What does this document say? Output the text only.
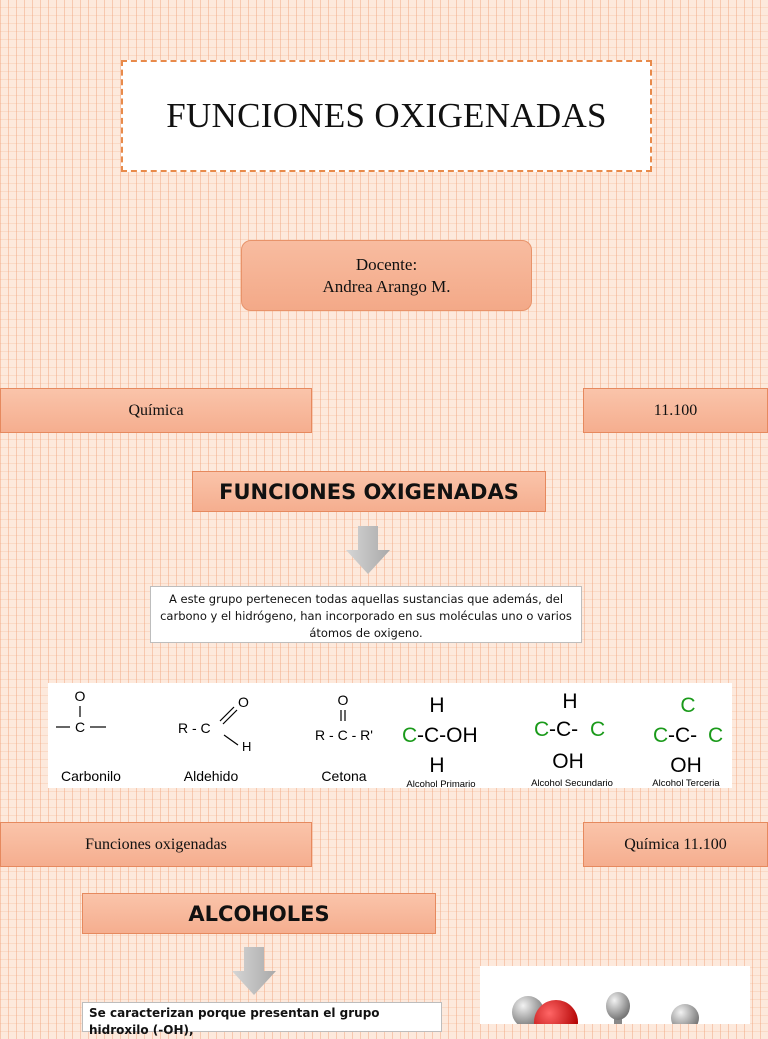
FUNCIONES OXIGENADAS
Docente:
Andrea Arango M.
Química	11.100
FUNCIONES OXIGENADAS
A este grupo pertenecen todas aquellas sustancias que además, del carbono y el hidrógeno, han incorporado en sus moléculas uno o varios átomos de oxigeno.
O
C
Carbonilo
R - C
O
H
Aldehido
O
R - C - R'
Cetona
H
C -C-OH
H
Alcohol Primario
H
C -C- C
OH
Alcohol Secundario
C
C -C- C
OH
Alcohol Terceria
Funciones oxigenadas	Química 11.100
ALCOHOLES
Se caracterizan porque presentan el grupo hidroxilo (-OH),
